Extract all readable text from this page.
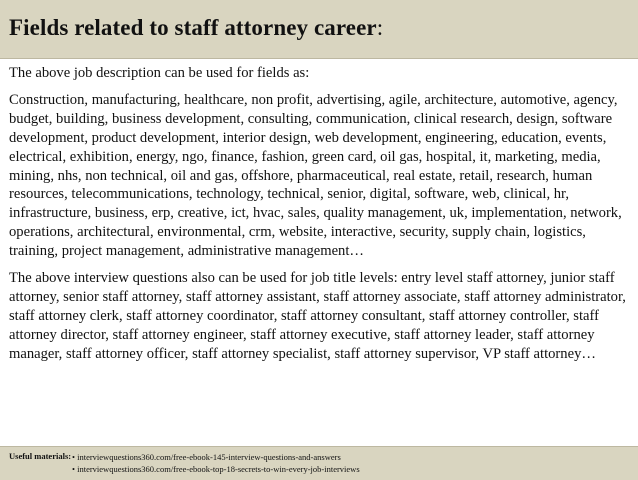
Fields related to staff attorney career:

The above job description can be used for fields as:

Construction, manufacturing, healthcare, non profit, advertising, agile, architecture, automotive, agency, budget, building, business development, consulting, communication, clinical research, design, software development, product development, interior design, web development, engineering, education, events, electrical, exhibition, energy, ngo, finance, fashion, green card, oil gas, hospital, it, marketing, media, mining, nhs, non technical, oil and gas, offshore, pharmaceutical, real estate, retail, research, human resources, telecommunications, technology, technical, senior, digital, software, web, clinical, hr, infrastructure, business, erp, creative, ict, hvac, sales, quality management, uk, implementation, network, operations, architectural, environmental, crm, website, interactive, security, supply chain, logistics, training, project management, administrative management…

The above interview questions also can be used for job title levels: entry level staff attorney, junior staff attorney, senior staff attorney, staff attorney assistant, staff attorney associate, staff attorney administrator, staff attorney clerk, staff attorney coordinator, staff attorney consultant, staff attorney controller, staff attorney director, staff attorney engineer, staff attorney executive, staff attorney leader, staff attorney manager, staff attorney officer, staff attorney specialist, staff attorney supervisor, VP staff attorney…

Useful materials: • interviewquestions360.com/free-ebook-145-interview-questions-and-answers
• interviewquestions360.com/free-ebook-top-18-secrets-to-win-every-job-interviews
